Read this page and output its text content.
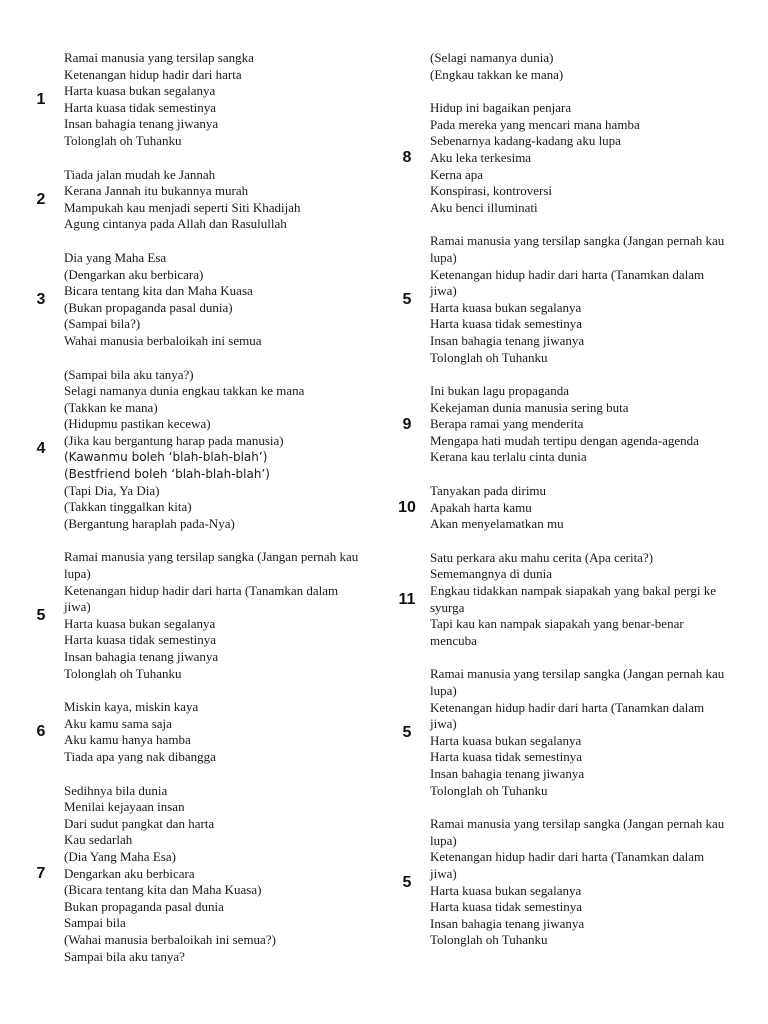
1
Ramai manusia yang tersilap sangka
Ketenangan hidup hadir dari harta
Harta kuasa bukan segalanya
Harta kuasa tidak semestinya
Insan bahagia tenang jiwanya
Tolonglah oh Tuhanku
2
Tiada jalan mudah ke Jannah
Kerana Jannah itu bukannya murah
Mampukah kau menjadi seperti Siti Khadijah
Agung cintanya pada Allah dan Rasulullah
3
Dia yang Maha Esa
(Dengarkan aku berbicara)
Bicara tentang kita dan Maha Kuasa
(Bukan propaganda pasal dunia)
(Sampai bila?)
Wahai manusia berbaloikah ini semua
4
(Sampai bila aku tanya?)
Selagi namanya dunia engkau takkan ke mana
(Takkan ke mana)
(Hidupmu pastikan kecewa)
(Jika kau bergantung harap pada manusia)
(Kawanmu boleh ‘blah-blah-blah’)
(Bestfriend boleh ‘blah-blah-blah’)
(Tapi Dia, Ya Dia)
(Takkan tinggalkan kita)
(Bergantung haraplah pada-Nya)
5
Ramai manusia yang tersilap sangka (Jangan pernah kau lupa)
Ketenangan hidup hadir dari harta (Tanamkan dalam jiwa)
Harta kuasa bukan segalanya
Harta kuasa tidak semestinya
Insan bahagia tenang jiwanya
Tolonglah oh Tuhanku
6
Miskin kaya, miskin kaya
Aku kamu sama saja
Aku kamu hanya hamba
Tiada apa yang nak dibangga
7
Sedihnya bila dunia
Menilai kejayaan insan
Dari sudut pangkat dan harta
Kau sedarlah
(Dia Yang Maha Esa)
Dengarkan aku berbicara
(Bicara tentang kita dan Maha Kuasa)
Bukan propaganda pasal dunia
Sampai bila
(Wahai manusia berbaloikah ini semua?)
Sampai bila aku tanya?
(Selagi namanya dunia)
(Engkau takkan ke mana)
8
Hidup ini bagaikan penjara
Pada mereka yang mencari mana hamba
Sebenarnya kadang-kadang aku lupa
Aku leka terkesima
Kerna apa
Konspirasi, kontroversi
Aku benci illuminati
5
Ramai manusia yang tersilap sangka (Jangan pernah kau lupa)
Ketenangan hidup hadir dari harta (Tanamkan dalam jiwa)
Harta kuasa bukan segalanya
Harta kuasa tidak semestinya
Insan bahagia tenang jiwanya
Tolonglah oh Tuhanku
9
Ini bukan lagu propaganda
Kekejaman dunia manusia sering buta
Berapa ramai yang menderita
Mengapa hati mudah tertipu dengan agenda-agenda
Kerana kau terlalu cinta dunia
10
Tanyakan pada dirimu
Apakah harta kamu
Akan menyelamatkan mu
11
Satu perkara aku mahu cerita (Apa cerita?)
Sememangnya di dunia
Engkau tidakkan nampak siapakah yang bakal pergi ke syurga
Tapi kau kan nampak siapakah yang benar-benar mencuba
5
Ramai manusia yang tersilap sangka (Jangan pernah kau lupa)
Ketenangan hidup hadir dari harta (Tanamkan dalam jiwa)
Harta kuasa bukan segalanya
Harta kuasa tidak semestinya
Insan bahagia tenang jiwanya
Tolonglah oh Tuhanku
5
Ramai manusia yang tersilap sangka (Jangan pernah kau lupa)
Ketenangan hidup hadir dari harta (Tanamkan dalam jiwa)
Harta kuasa bukan segalanya
Harta kuasa tidak semestinya
Insan bahagia tenang jiwanya
Tolonglah oh Tuhanku
